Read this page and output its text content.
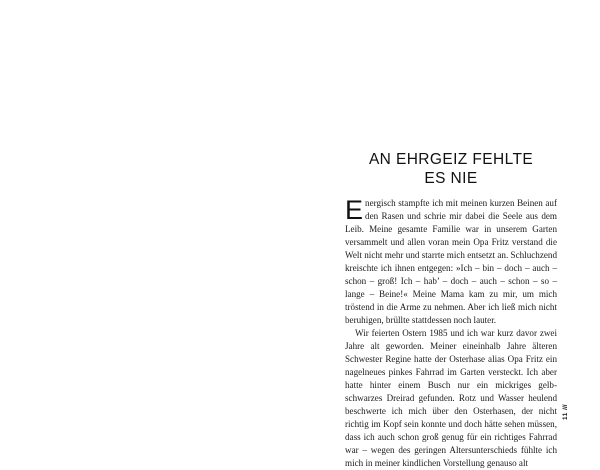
AN EHRGEIZ FEHLTE
ES NIE

Energisch stampfte ich mit meinen kurzen Beinen auf den Rasen und schrie mir dabei die Seele aus dem Leib. Meine gesamte Familie war in unserem Garten versammelt und allen voran mein Opa Fritz verstand die Welt nicht mehr und starrte mich entsetzt an. Schluchzend kreischte ich ihnen entgegen: »Ich – bin – doch – auch – schon – groß! Ich – hab’ – doch – auch – schon – so – lange – Beine!« Meine Mama kam zu mir, um mich tröstend in die Arme zu nehmen. Aber ich ließ mich nicht beruhigen, brüllte stattdessen noch lauter.

Wir feierten Ostern 1985 und ich war kurz davor zwei Jahre alt geworden. Meiner eineinhalb Jahre älteren Schwester Regine hatte der Osterhase alias Opa Fritz ein nagelneues pinkes Fahrrad im Garten versteckt. Ich aber hatte hinter einem Busch nur ein mickriges gelb-schwarzes Dreirad gefunden. Rotz und Wasser heulend beschwerte ich mich über den Osterhasen, der nicht richtig im Kopf sein konnte und doch hätte sehen müssen, dass ich auch schon groß genug für ein richtiges Fahrrad war – wegen des geringen Altersunterschieds fühlte ich mich in meiner kindlichen Vorstellung genauso alt

11 ///
